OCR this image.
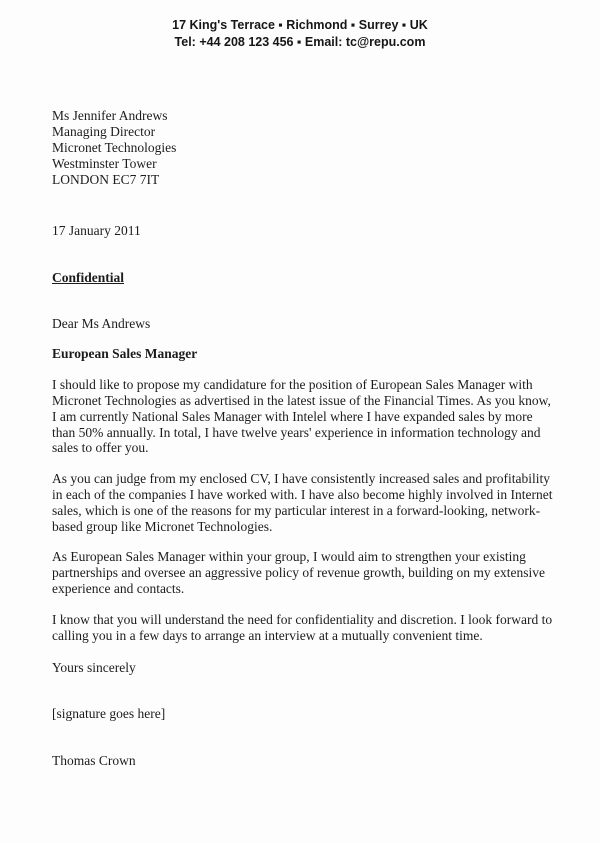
17 King's Terrace ▪ Richmond ▪ Surrey ▪ UK
Tel: +44 208 123 456 ▪ Email: tc@repu.com
Ms Jennifer Andrews
Managing Director
Micronet Technologies
Westminster Tower
LONDON EC7 7IT
17 January 2011
Confidential
Dear Ms Andrews
European Sales Manager
I should like to propose my candidature for the position of European Sales Manager with Micronet Technologies as advertised in the latest issue of the Financial Times. As you know, I am currently National Sales Manager with Intelel where I have expanded sales by more than 50% annually. In total, I have twelve years' experience in information technology and sales to offer you.
As you can judge from my enclosed CV, I have consistently increased sales and profitability in each of the companies I have worked with. I have also become highly involved in Internet sales, which is one of the reasons for my particular interest in a forward-looking, network-based group like Micronet Technologies.
As European Sales Manager within your group, I would aim to strengthen your existing partnerships and oversee an aggressive policy of revenue growth, building on my extensive experience and contacts.
I know that you will understand the need for confidentiality and discretion. I look forward to calling you in a few days to arrange an interview at a mutually convenient time.
Yours sincerely
[signature goes here]
Thomas Crown
